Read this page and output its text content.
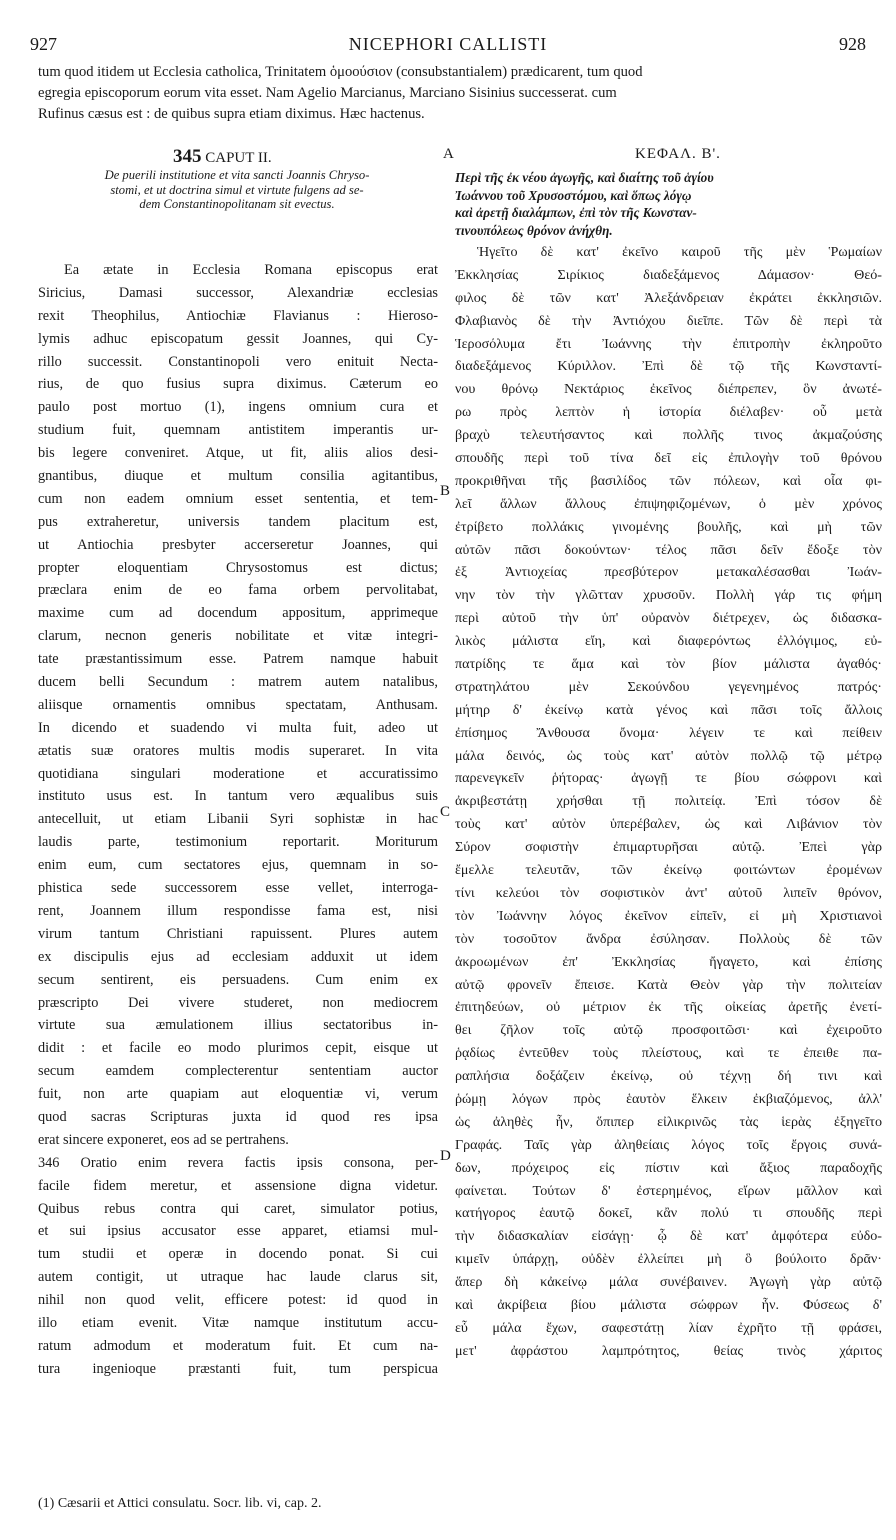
927	NICEPHORI CALLISTI	928
tum quod itidem ut Ecclesia catholica, Trinitatem ὁμοούσιον (consubstantialem) prædicarent, tum quod
egregia episcoporum eorum vita esset. Nam Agelio Marcianus, Marciano Sisinius successerat. cum
Rufinus cæsus est : de quibus supra etiam diximus. Hæc hactenus.
345 CAPUT II.	A	ΚΕΦΑΛ. Β'.
De puerili institutione et vita sancti Joannis Chryso-
stomi, et ut doctrina simul et virtute fulgens ad se-
dem Constantinopolitanam sit evectus.
Περὶ τῆς ἐκ νέου ἀγωγῆς, καὶ διαίτης τοῦ ἁγίου
Ἰωάννου τοῦ Χρυσοστόμου, καὶ ὅπως λόγῳ
καὶ ἀρετῇ διαλάμπων, ἐπὶ τὸν τῆς Κωνσταν-
τινουπόλεως θρόνον ἀνήχθη.
Ea ætate in Ecclesia Romana episcopus erat
Siricius, Damasi successor, Alexandriæ ecclesias
rexit Theophilus, Antiochiæ Flavianus : Hieroso-
lymis adhuc episcopatum gessit Joannes, qui Cy-
rillo successit. Constantinopoli vero enituit Necta-
rius, de quo fusius supra diximus. Cæterum eo
paulo post mortuo (1), ingens omnium cura et
studium fuit, quemnam antistitem imperantis ur-
bis legere conveniret. Atque, ut fit, aliis alios desi-
gnantibus, diuque et multum consilia agitantibus,
cum non eadem omnium esset sententia, et tem-
pus extraheretur, universis tandem placitum est,
ut Antiochia presbyter accerseretur Joannes, qui
propter eloquentiam Chrysostomus est dictus;
præclara enim de eo fama orbem pervolitabat,
maxime cum ad docendum appositum, apprimeque
clarum, necnon generis nobilitate et vitæ integri-
tate præstantissimum esse. Patrem namque habuit
ducem belli Secundum : matrem autem natalibus,
aliisque ornamentis omnibus spectatam, Anthusam.
In dicendo et suadendo vi multa fuit, adeo ut
ætatis suæ oratores multis modis superaret. In vita
quotidiana singulari moderatione et accuratissimo
instituto usus est. In tantum vero æqualibus suis
antecelluit, ut etiam Libanii Syri sophistæ in hac
laudis parte, testimonium reportarit. Moriturum
enim eum, cum sectatores ejus, quemnam in so-
phistica sede successorem esse vellet, interroga-
rent, Joannem illum respondisse fama est, nisi
virum tantum Christiani rapuissent. Plures autem
ex discipulis ejus ad ecclesiam adduxit ut idem
secum sentirent, eis persuadens. Cum enim ex
præscripto Dei vivere studeret, non mediocrem
virtute sua æmulationem illius sectatoribus in-
didit : et facile eo modo plurimos cepit, eisque ut
secum eamdem complecterentur sententiam auctor
fuit, non arte quapiam aut eloquentiæ vi, verum
quod sacras Scripturas juxta id quod res ipsa
erat sincere exponeret, eos ad se pertrahens.
346 Oratio enim revera factis ipsis consona, per-
facile fidem meretur, et assensione digna videtur.
Quibus rebus contra qui caret, simulator potius,
et sui ipsius accusator esse apparet, etiamsi mul-
tum studii et operæ in docendo ponat. Si cui
autem contigit, ut utraque hac laude clarus sit,
nihil non quod velit, efficere potest: id quod in
illo etiam evenit. Vitæ namque institutum accu-
ratum admodum et moderatum fuit. Et cum na-
tura ingenioque præstanti fuit, tum perspicua
Ἡγεῖτο δὲ κατ' ἐκεῖνο καιροῦ τῆς μὲν Ῥωμαίων
Ἐκκλησίας Σιρίκιος διαδεξάμενος Δάμασον· Θεό-
φιλος δὲ τῶν κατ' Ἀλεξάνδρειαν ἐκράτει ἐκκλησιῶν.
Φλαβιανὸς δὲ τὴν Ἀντιόχου διεῖπε. Τῶν δὲ περὶ τὰ
Ἱεροσόλυμα ἔτι Ἰωάννης τὴν ἐπιτροπὴν ἐκληροῦτο
διαδεξάμενος Κύριλλον. Ἐπὶ δὲ τῷ τῆς Κωνσταντί-
νου θρόνῳ Νεκτάριος ἐκεῖνος διέπρεπεν, ὃν ἀνωτέ-
ρω πρὸς λεπτὸν ἡ ἱστορία διέλαβεν· οὗ μετὰ
βραχὺ τελευτήσαντος καὶ πολλῆς τινος ἀκμαζούσης
σπουδῆς περὶ τοῦ τίνα δεῖ εἰς ἐπιλογὴν τοῦ θρόνου
προκριθῆναι τῆς βασιλίδος τῶν πόλεων, καὶ οἷα φι-
λεῖ ἄλλων ἄλλους ἐπιψηφιζομένων, ὁ μὲν χρόνος
ἐτρίβετο πολλάκις γινομένης βουλῆς, καὶ μὴ τῶν
αὐτῶν πᾶσι δοκούντων· τέλος πᾶσι δεῖν ἔδοξε τὸν
ἐξ Ἀντιοχείας πρεσβύτερον μετακαλέσασθαι Ἰωάν-
νην τὸν τὴν γλῶτταν χρυσοῦν. Πολλὴ γάρ τις φήμη
περὶ αὐτοῦ τὴν ὑπ' οὐρανὸν διέτρεχεν, ὡς διδασκα-
λικὸς μάλιστα εἴη, καὶ διαφερόντως ἐλλόγιμος, εὐ-
πατρίδης τε ἅμα καὶ τὸν βίον μάλιστα ἀγαθός·
στρατηλάτου μὲν Σεκούνδου γεγενημένος πατρός·
μήτηρ δ' ἐκείνῳ κατὰ γένος καὶ πᾶσι τοῖς ἄλλοις
ἐπίσημος Ἄνθουσα ὄνομα· λέγειν τε καὶ πείθειν
μάλα δεινός, ὡς τοὺς κατ' αὐτὸν πολλῷ τῷ μέτρῳ
παρενεγκεῖν ῥήτορας· ἀγωγῇ τε βίου σώφρονι καὶ
ἀκριβεστάτῃ χρήσθαι τῇ πολιτείᾳ. Ἐπὶ τόσον δὲ
τοὺς κατ' αὐτὸν ὑπερέβαλεν, ὡς καὶ Λιβάνιον τὸν
Σύρον σοφιστὴν ἐπιμαρτυρῆσαι αὐτῷ. Ἐπεὶ γὰρ
ἔμελλε τελευτᾶν, τῶν ἐκείνῳ φοιτώντων ἐρομένων
τίνι κελεύοι τὸν σοφιστικὸν ἀντ' αὐτοῦ λιπεῖν θρόνον,
τὸν Ἰωάννην λόγος ἐκεῖνον εἰπεῖν, εἰ μὴ Χριστιανοὶ
τὸν τοσοῦτον ἄνδρα ἐσύλησαν. Πολλοὺς δὲ τῶν
ἀκροωμένων ἐπ' Ἐκκλησίας ἤγαγετο, καὶ ἐπίσης
αὐτῷ φρονεῖν ἔπεισε. Κατὰ Θεὸν γὰρ τὴν πολιτείαν
ἐπιτηδεύων, οὐ μέτριον ἐκ τῆς οἰκείας ἀρετῆς ἐνετί-
θει ζῆλον τοῖς αὐτῷ προσφοιτῶσι· καὶ ἐχειροῦτο
ῥᾳδίως ἐντεῦθεν τοὺς πλείστους, καὶ τε ἐπειθε πα-
ραπλήσια δοξάζειν ἐκείνῳ, οὐ τέχνῃ δή τινι καὶ
ῥώμῃ λόγων πρὸς ἑαυτὸν ἕλκειν ἐκβιαζόμενος, ἀλλ'
ὡς ἀληθὲς ἦν, ὅπιπερ εἰλικρινῶς τὰς ἱερὰς ἐξηγεῖτο
Γραφάς. Ταῖς γὰρ ἀληθείαις λόγος τοῖς ἔργοις συνά-
δων, πρόχειρος εἰς πίστιν καὶ ἄξιος παραδοχῆς
φαίνεται. Τούτων δ' ἐστερημένος, εἴρων μᾶλλον καὶ
κατήγορος ἑαυτῷ δοκεῖ, κἂν πολύ τι σπουδῆς περὶ
τὴν διδασκαλίαν εἰσάγῃ· ᾧ δὲ κατ' ἀμφότερα εὐδο-
κιμεῖν ὑπάρχῃ, οὐδὲν ἐλλείπει μὴ ὃ βούλοιτο δρᾶν·
ἅπερ δὴ κἀκείνῳ μάλα συνέβαινεν. Ἀγωγὴ γὰρ αὐτῷ
καὶ ἀκρίβεια βίου μάλιστα σώφρων ἦν. Φύσεως δ'
εὖ μάλα ἔχων, σαφεστάτῃ λίαν ἐχρῆτο τῇ φράσει,
μετ' ἀφράστου λαμπρότητος, θείας τινὸς χάριτος
B
C
D
(1) Cæsarii et Attici consulatu. Socr. lib. vi, cap. 2.
